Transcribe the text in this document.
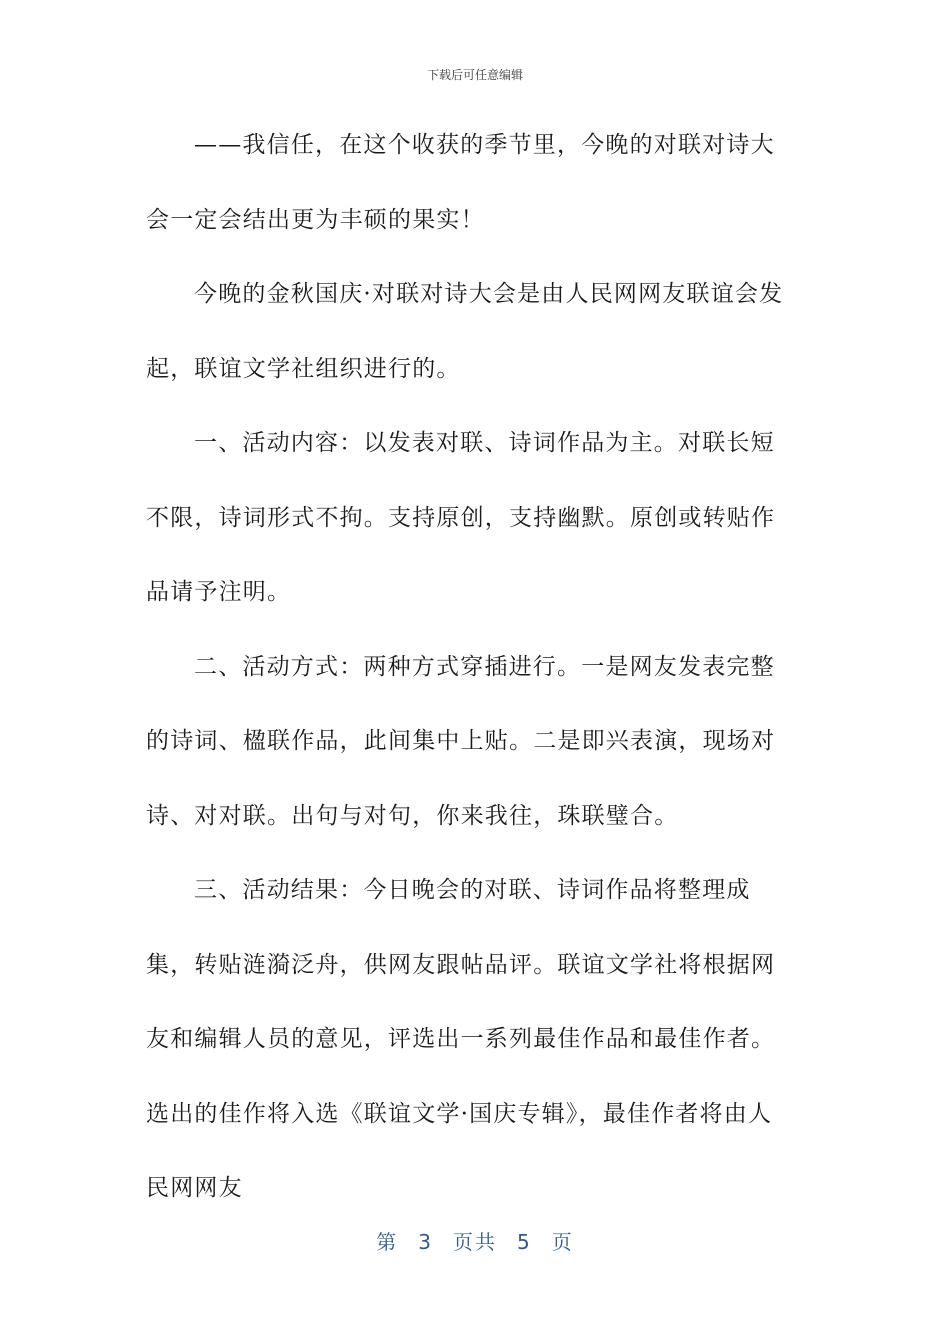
下载后可任意编辑

——我信任，在这个收获的季节里，今晚的对联对诗大会一定会结出更为丰硕的果实！

今晚的金秋国庆·对联对诗大会是由人民网网友联谊会发起，联谊文学社组织进行的。

一、活动内容：以发表对联、诗词作品为主。对联长短不限，诗词形式不拘。支持原创，支持幽默。原创或转贴作品请予注明。

二、活动方式：两种方式穿插进行。一是网友发表完整的诗词、楹联作品，此间集中上贴。二是即兴表演，现场对诗、对对联。出句与对句，你来我往，珠联璧合。

三、活动结果：今日晚会的对联、诗词作品将整理成集，转贴涟漪泛舟，供网友跟帖品评。联谊文学社将根据网友和编辑人员的意见，评选出一系列最佳作品和最佳作者。选出的佳作将入选《联谊文学·国庆专辑》，最佳作者将由人民网网友

第 3 页共 5 页
